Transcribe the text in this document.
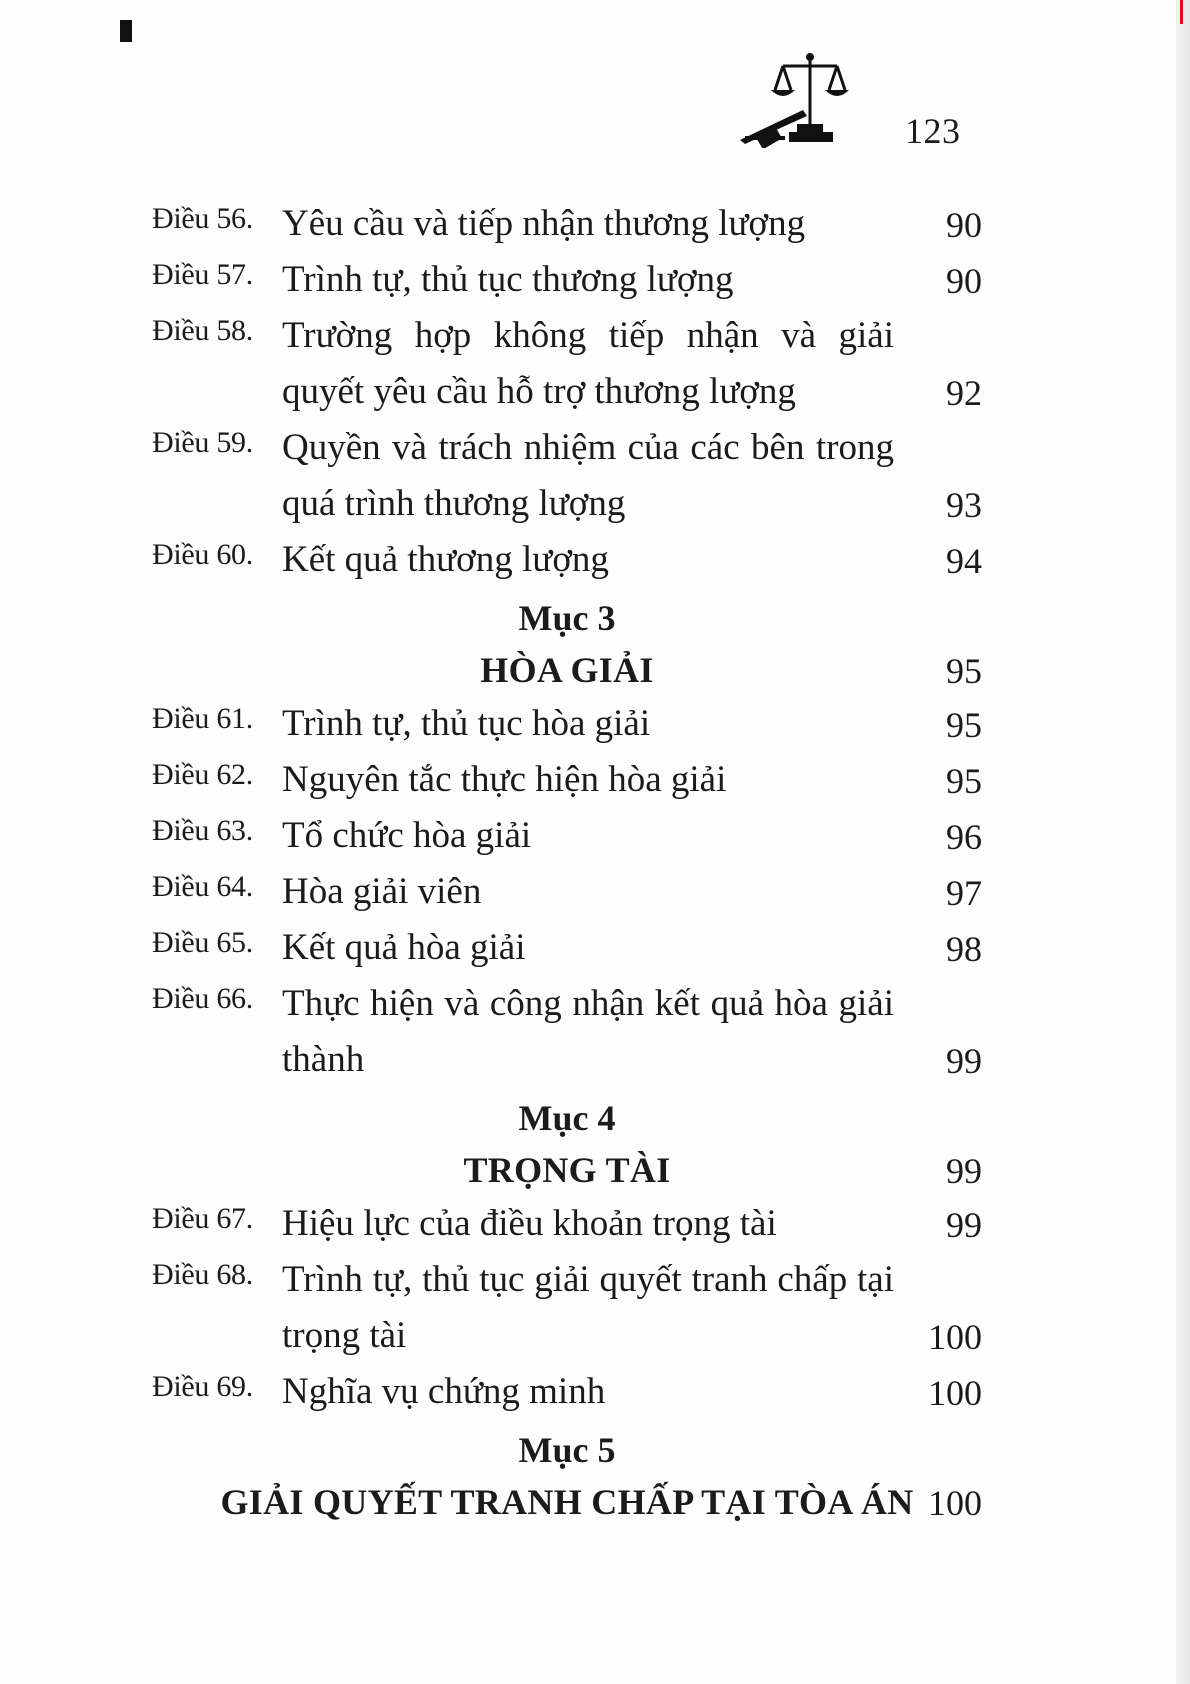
123
Điều 56. Yêu cầu và tiếp nhận thương lượng	90
Điều 57. Trình tự, thủ tục thương lượng	90
Điều 58. Trường hợp không tiếp nhận và giải quyết yêu cầu hỗ trợ thương lượng	92
Điều 59. Quyền và trách nhiệm của các bên trong quá trình thương lượng	93
Điều 60. Kết quả thương lượng	94
Mục 3
HÒA GIẢI	95
Điều 61. Trình tự, thủ tục hòa giải	95
Điều 62. Nguyên tắc thực hiện hòa giải	95
Điều 63. Tổ chức hòa giải	96
Điều 64. Hòa giải viên	97
Điều 65. Kết quả hòa giải	98
Điều 66. Thực hiện và công nhận kết quả hòa giải thành	99
Mục 4
TRỌNG TÀI	99
Điều 67. Hiệu lực của điều khoản trọng tài	99
Điều 68. Trình tự, thủ tục giải quyết tranh chấp tại trọng tài	100
Điều 69. Nghĩa vụ chứng minh	100
Mục 5
GIẢI QUYẾT TRANH CHẤP TẠI TÒA ÁN 100
